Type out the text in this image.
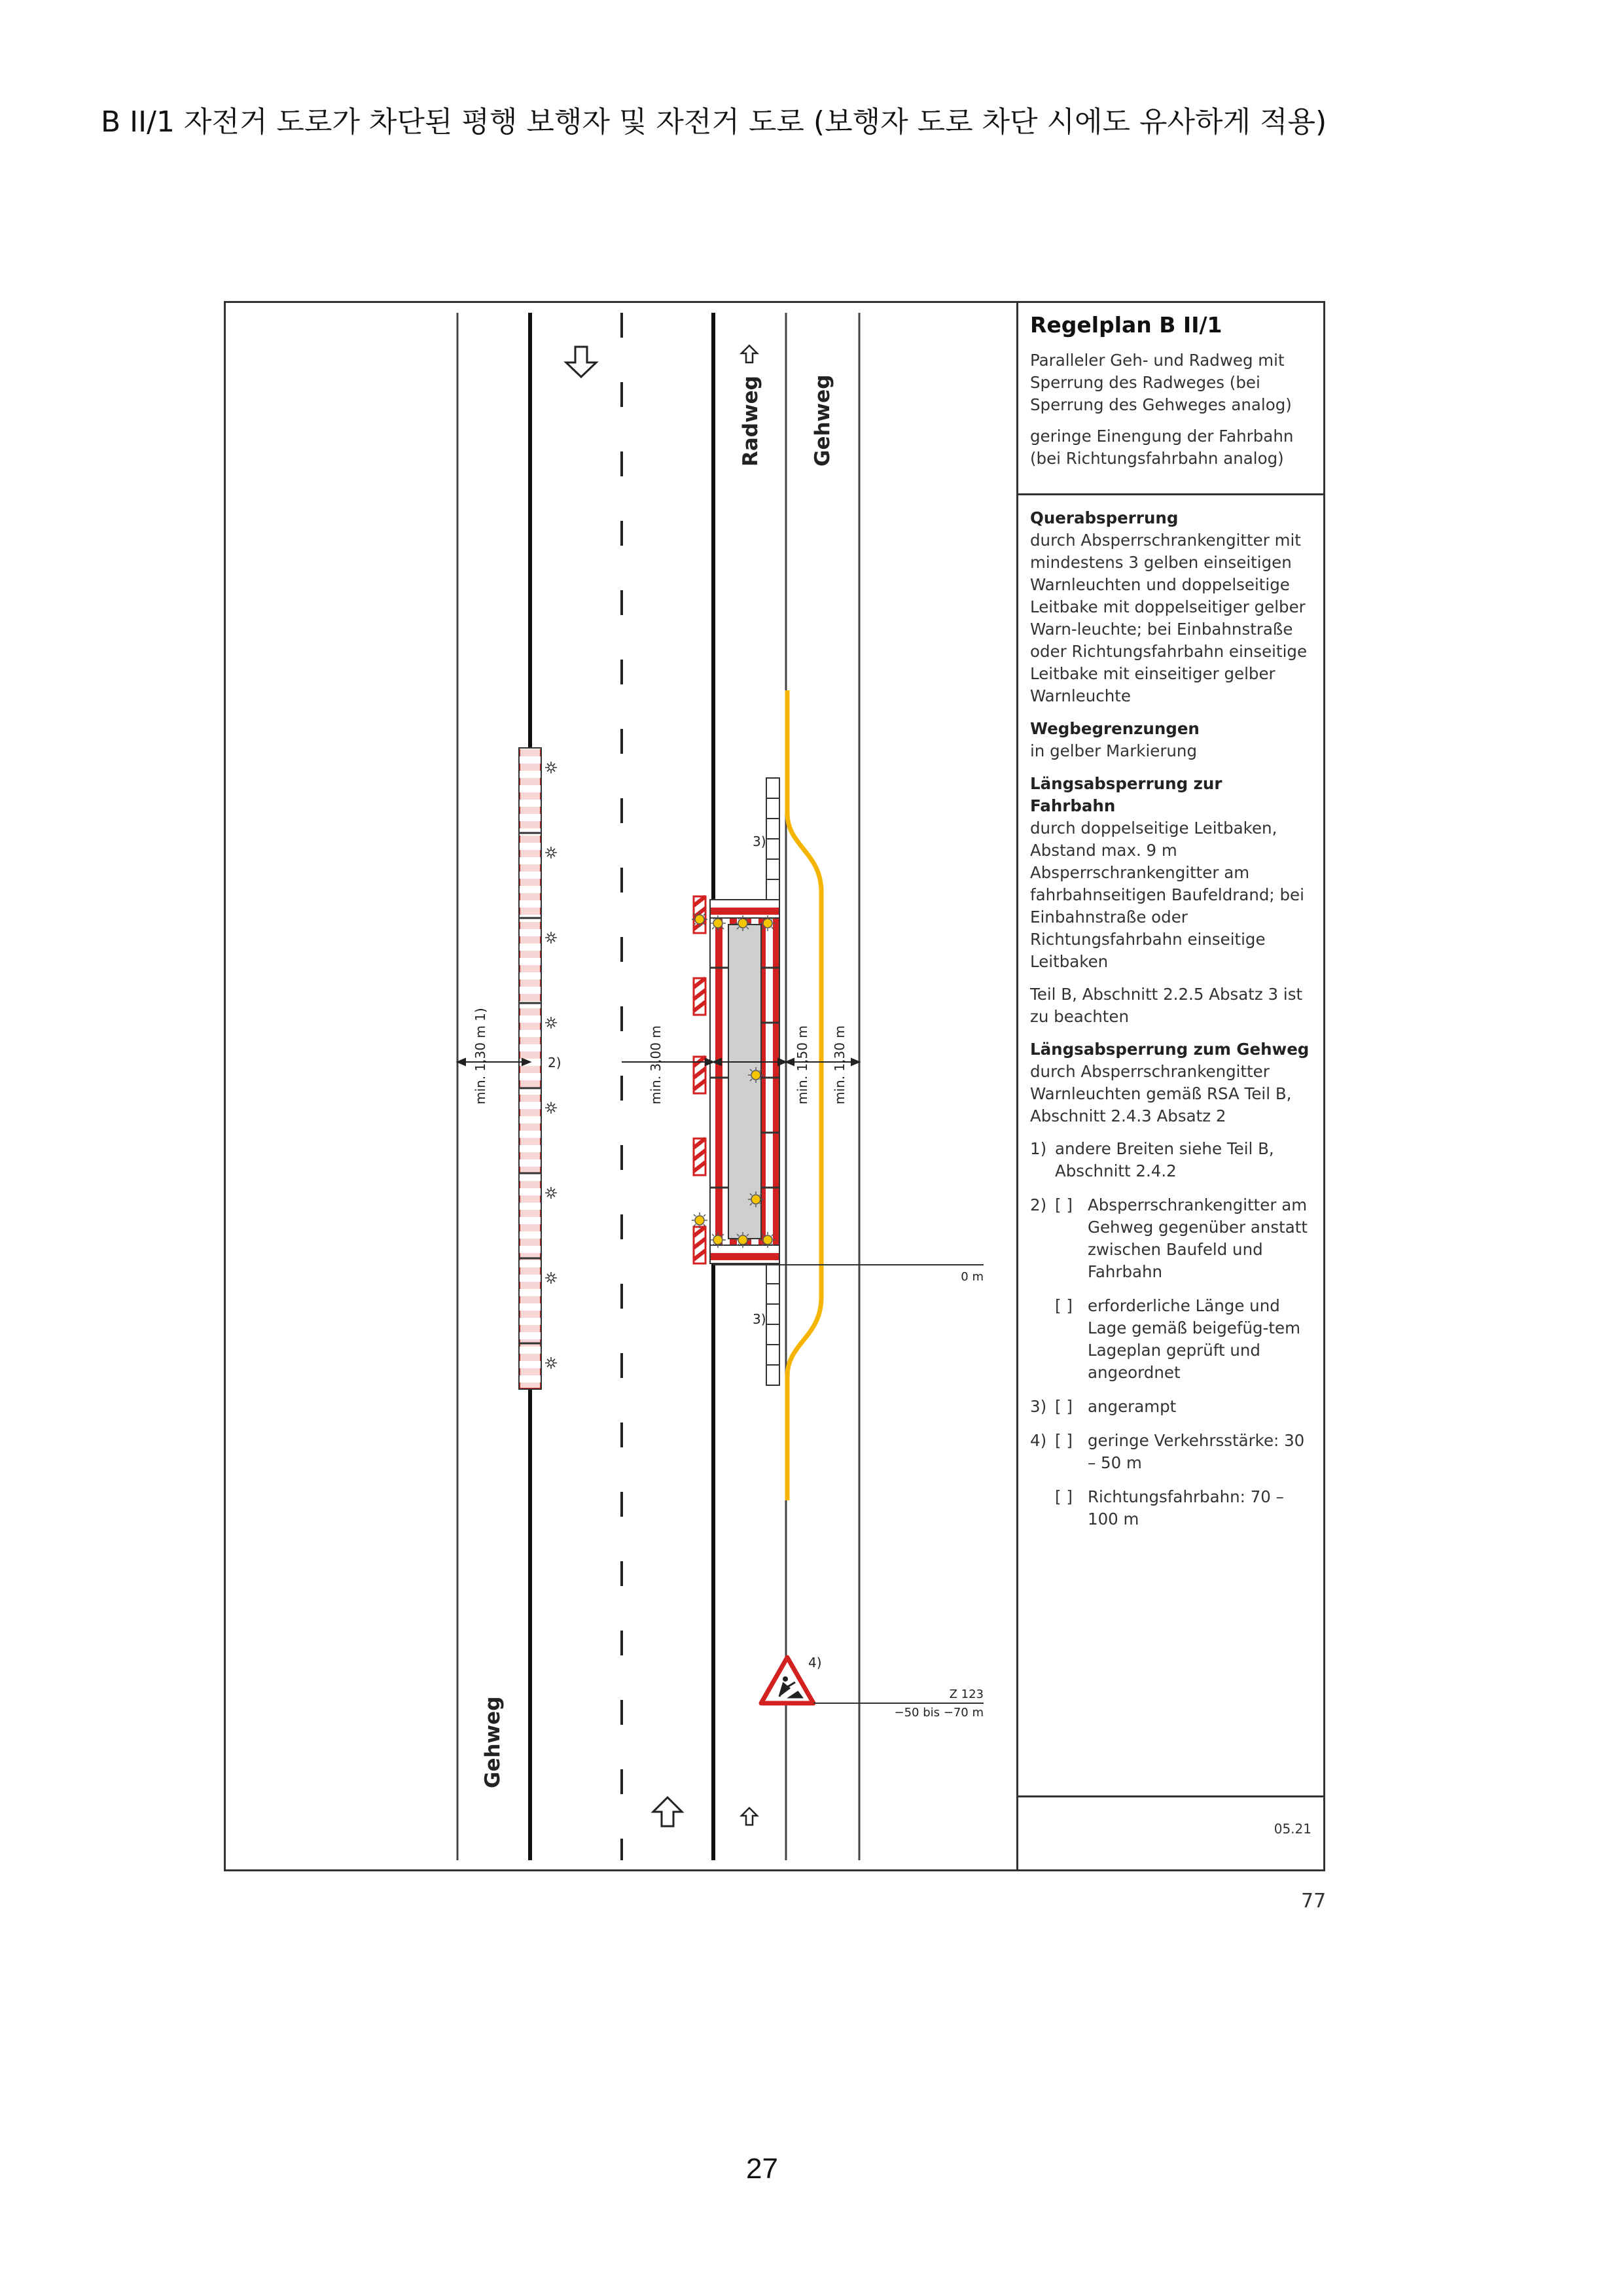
B II/1 자전거 도로가 차단된 평행 보행자 및 자전거 도로 (보행자 도로 차단 시에도 유사하게 적용)
Radweg Gehweg
Gehweg
min. 1,30 m 1)	min. 3,00 m	min. 1,50 m min. 1,30 m
2)
3)
3)
4)
0 m
Z 123
−50 bis −70 m
Regelplan B II/1

Paralleler Geh- und Radweg mit Sperrung des Radweges (bei Sperrung des Gehweges analog)

geringe Einengung der Fahrbahn (bei Richtungsfahrbahn analog)

Querabsperrung
durch Absperrschrankengitter mit mindestens 3 gelben einseitigen Warnleuchten und doppelseitige Leitbake mit doppelseitiger gelber Warn-leuchte; bei Einbahnstraße oder Richtungsfahrbahn einseitige Leitbake mit einseitiger gelber Warnleuchte
Wegbegrenzungen
in gelber Markierung
Längsabsperrung zur Fahrbahn
durch doppelseitige Leitbaken, Abstand max. 9 m Absperrschrankengitter am fahrbahnseitigen Baufeldrand; bei Einbahnstraße oder Richtungsfahrbahn einseitige Leitbaken
Teil B, Abschnitt 2.2.5 Absatz 3 ist zu beachten
Längsabsperrung zum Gehweg
durch Absperrschrankengitter Warnleuchten gemäß RSA Teil B, Abschnitt 2.4.3 Absatz 2
1) andere Breiten siehe Teil B, Abschnitt 2.4.2
2) [ ] Absperrschrankengitter am Gehweg gegenüber anstatt zwischen Baufeld und Fahrbahn
[ ] erforderliche Länge und Lage gemäß beigefüg-tem Lageplan geprüft und angeordnet
3) [ ] angerampt
4) [ ] geringe Verkehrsstärke: 30 – 50 m
[ ] Richtungsfahrbahn: 70 – 100 m
05.21
77
27
